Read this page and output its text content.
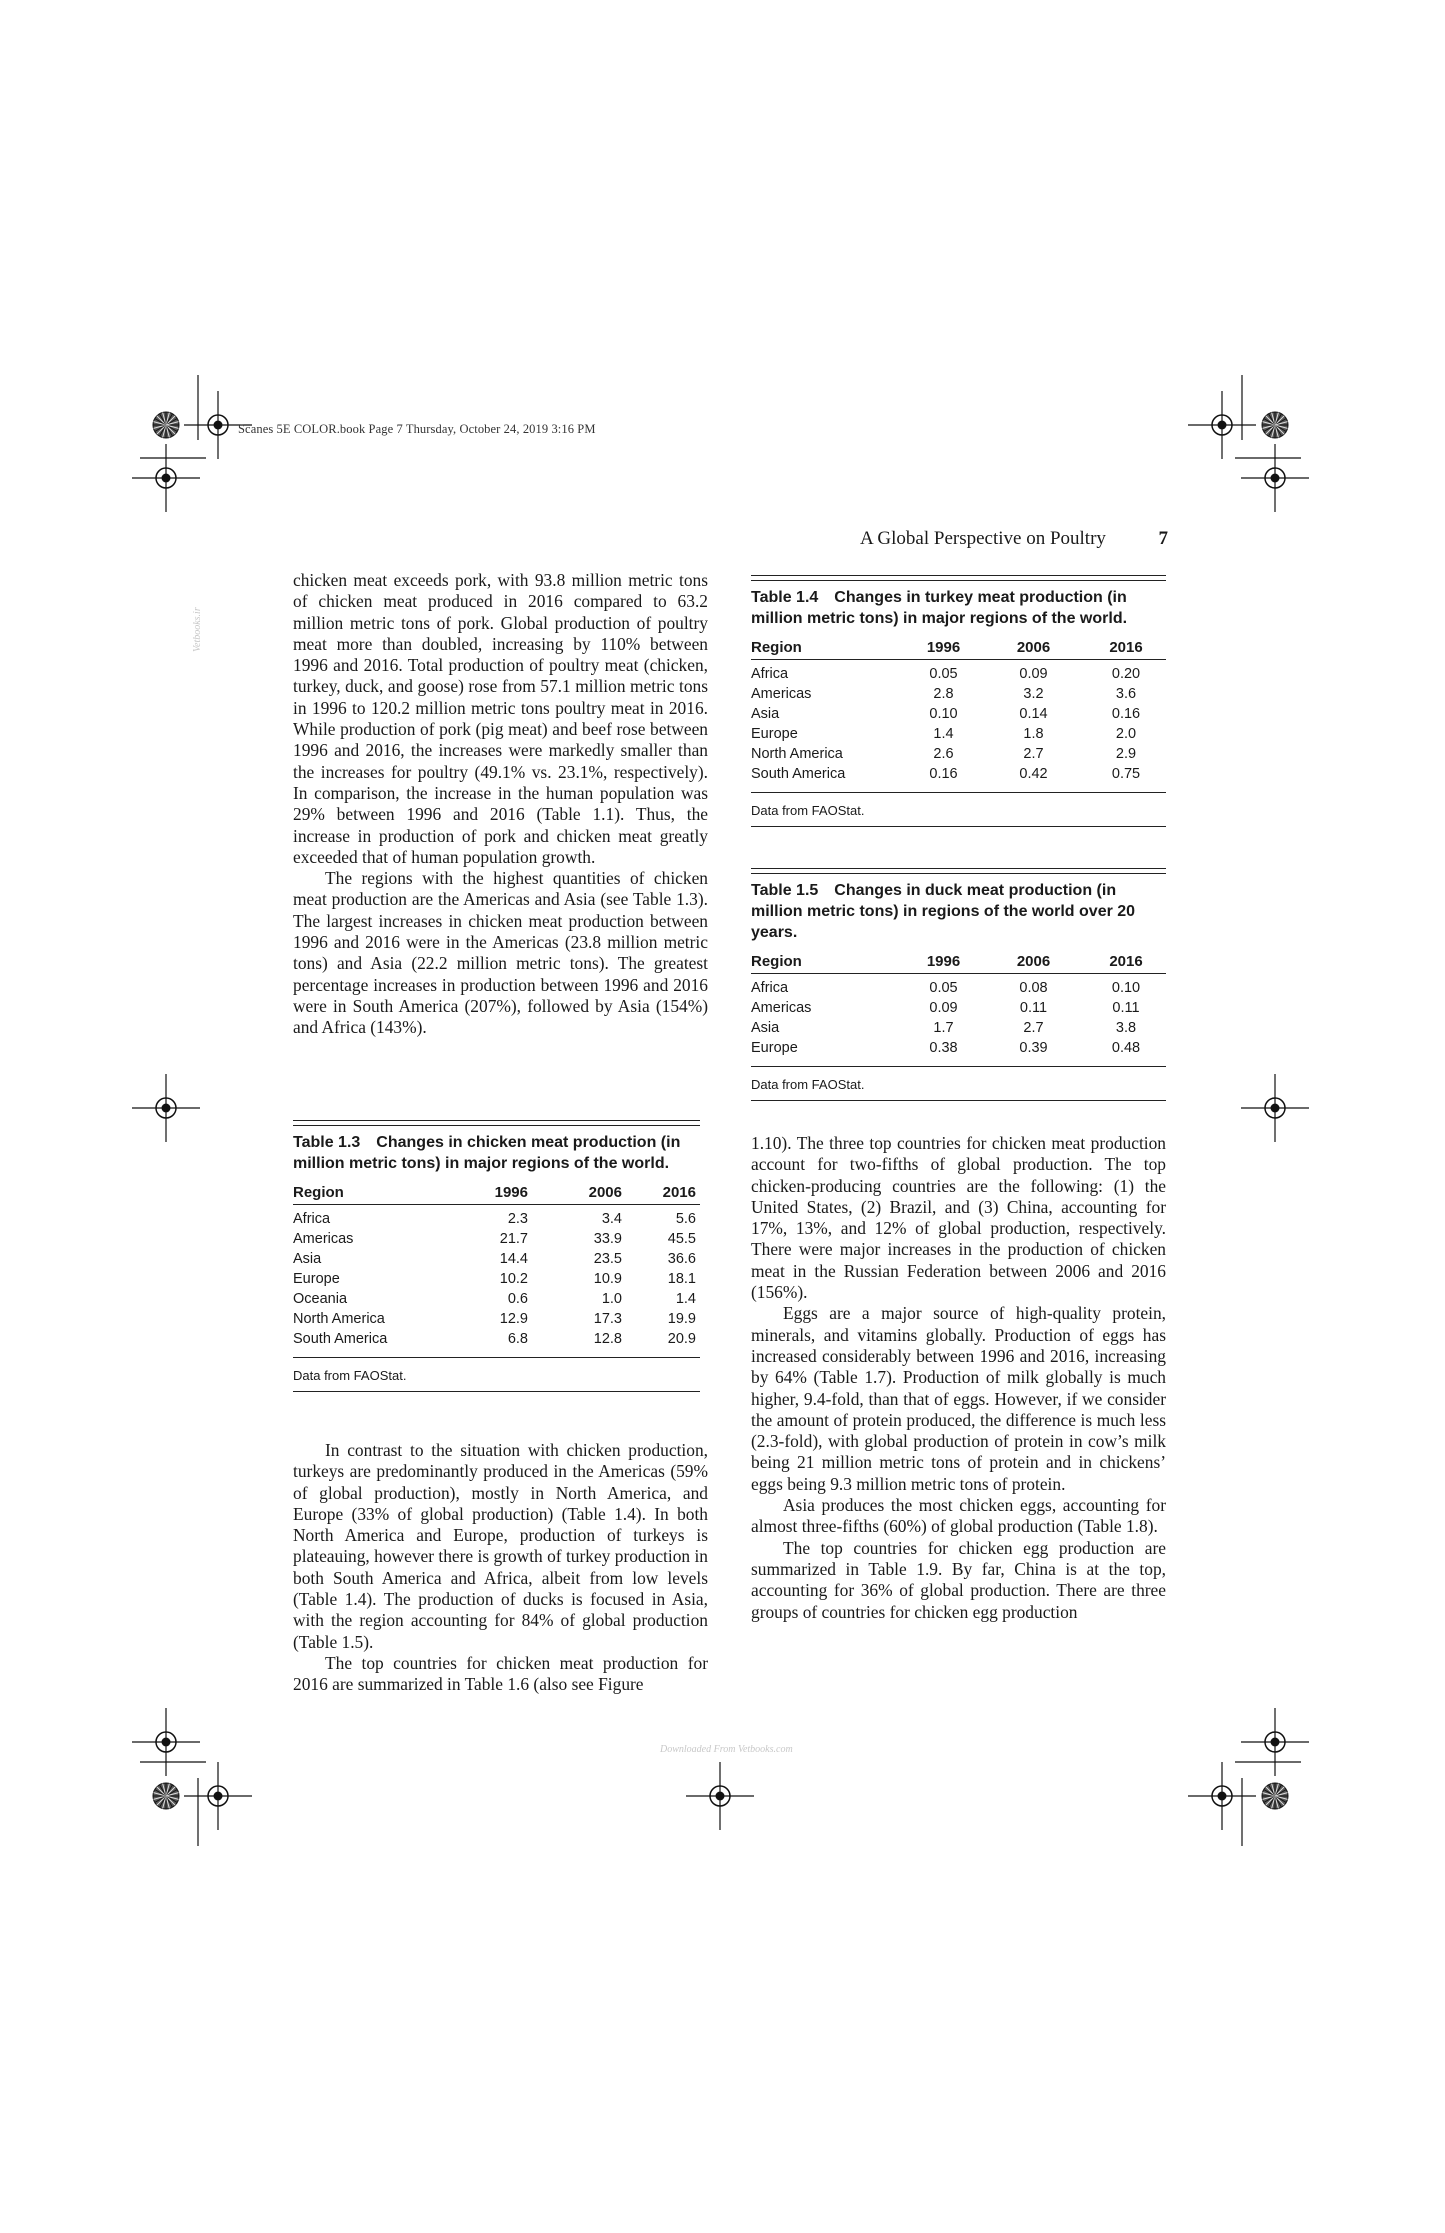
Scanes 5E COLOR.book Page 7 Thursday, October 24, 2019 3:16 PM
Vetbooks.ir
Downloaded From Vetbooks.com
A Global Perspective on Poultry	7

chicken meat exceeds pork, with 93.8 million metric tons of chicken meat produced in 2016 compared to 63.2 million metric tons of pork. Global production of poultry meat more than doubled, increasing by 110% between 1996 and 2016. Total production of poultry meat (chicken, turkey, duck, and goose) rose from 57.1 million metric tons in 1996 to 120.2 million metric tons poultry meat in 2016. While production of pork (pig meat) and beef rose between 1996 and 2016, the increases were markedly smaller than the increases for poultry (49.1% vs. 23.1%, respectively). In comparison, the increase in the human population was 29% between 1996 and 2016 (Table 1.1). Thus, the increase in production of pork and chicken meat greatly exceeded that of human population growth.

The regions with the highest quantities of chicken meat production are the Americas and Asia (see Table 1.3). The largest increases in chicken meat production between 1996 and 2016 were in the Americas (23.8 million metric tons) and Asia (22.2 million metric tons). The greatest percentage increases in production between 1996 and 2016 were in South America (207%), followed by Asia (154%) and Africa (143%).

Table 1.3 Changes in chicken meat production (in million metric tons) in major regions of the world.
Region	1996	2006	2016
Africa	2.3	3.4	5.6
Americas	21.7	33.9	45.5
Asia	14.4	23.5	36.6
Europe	10.2	10.9	18.1
Oceania	0.6	1.0	1.4
North America	12.9	17.3	19.9
South America	6.8	12.8	20.9
Data from FAOStat.

In contrast to the situation with chicken production, turkeys are predominantly produced in the Americas (59% of global production), mostly in North America, and Europe (33% of global production) (Table 1.4). In both North America and Europe, production of turkeys is plateauing, however there is growth of turkey production in both South America and Africa, albeit from low levels (Table 1.4). The production of ducks is focused in Asia, with the region accounting for 84% of global production (Table 1.5).

The top countries for chicken meat production for 2016 are summarized in Table 1.6 (also see Figure

Table 1.4 Changes in turkey meat production (in million metric tons) in major regions of the world.
Region	1996	2006	2016
Africa	0.05	0.09	0.20
Americas	2.8	3.2	3.6
Asia	0.10	0.14	0.16
Europe	1.4	1.8	2.0
North America	2.6	2.7	2.9
South America	0.16	0.42	0.75
Data from FAOStat.
Table 1.5 Changes in duck meat production (in million metric tons) in regions of the world over 20 years.
Region	1996	2006	2016
Africa	0.05	0.08	0.10
Americas	0.09	0.11	0.11
Asia	1.7	2.7	3.8
Europe	0.38	0.39	0.48
Data from FAOStat.

1.10). The three top countries for chicken meat production account for two-fifths of global production. The top chicken-producing countries are the following: (1) the United States, (2) Brazil, and (3) China, accounting for 17%, 13%, and 12% of global production, respectively. There were major increases in the production of chicken meat in the Russian Federation between 2006 and 2016 (156%).

Eggs are a major source of high-quality protein, minerals, and vitamins globally. Production of eggs has increased considerably between 1996 and 2016, increasing by 64% (Table 1.7). Production of milk globally is much higher, 9.4-fold, than that of eggs. However, if we consider the amount of protein produced, the difference is much less (2.3-fold), with global production of protein in cow’s milk being 21 million metric tons of protein and in chickens’ eggs being 9.3 million metric tons of protein.

Asia produces the most chicken eggs, accounting for almost three-fifths (60%) of global production (Table 1.8).

The top countries for chicken egg production are summarized in Table 1.9. By far, China is at the top, accounting for 36% of global production. There are three groups of countries for chicken egg production
